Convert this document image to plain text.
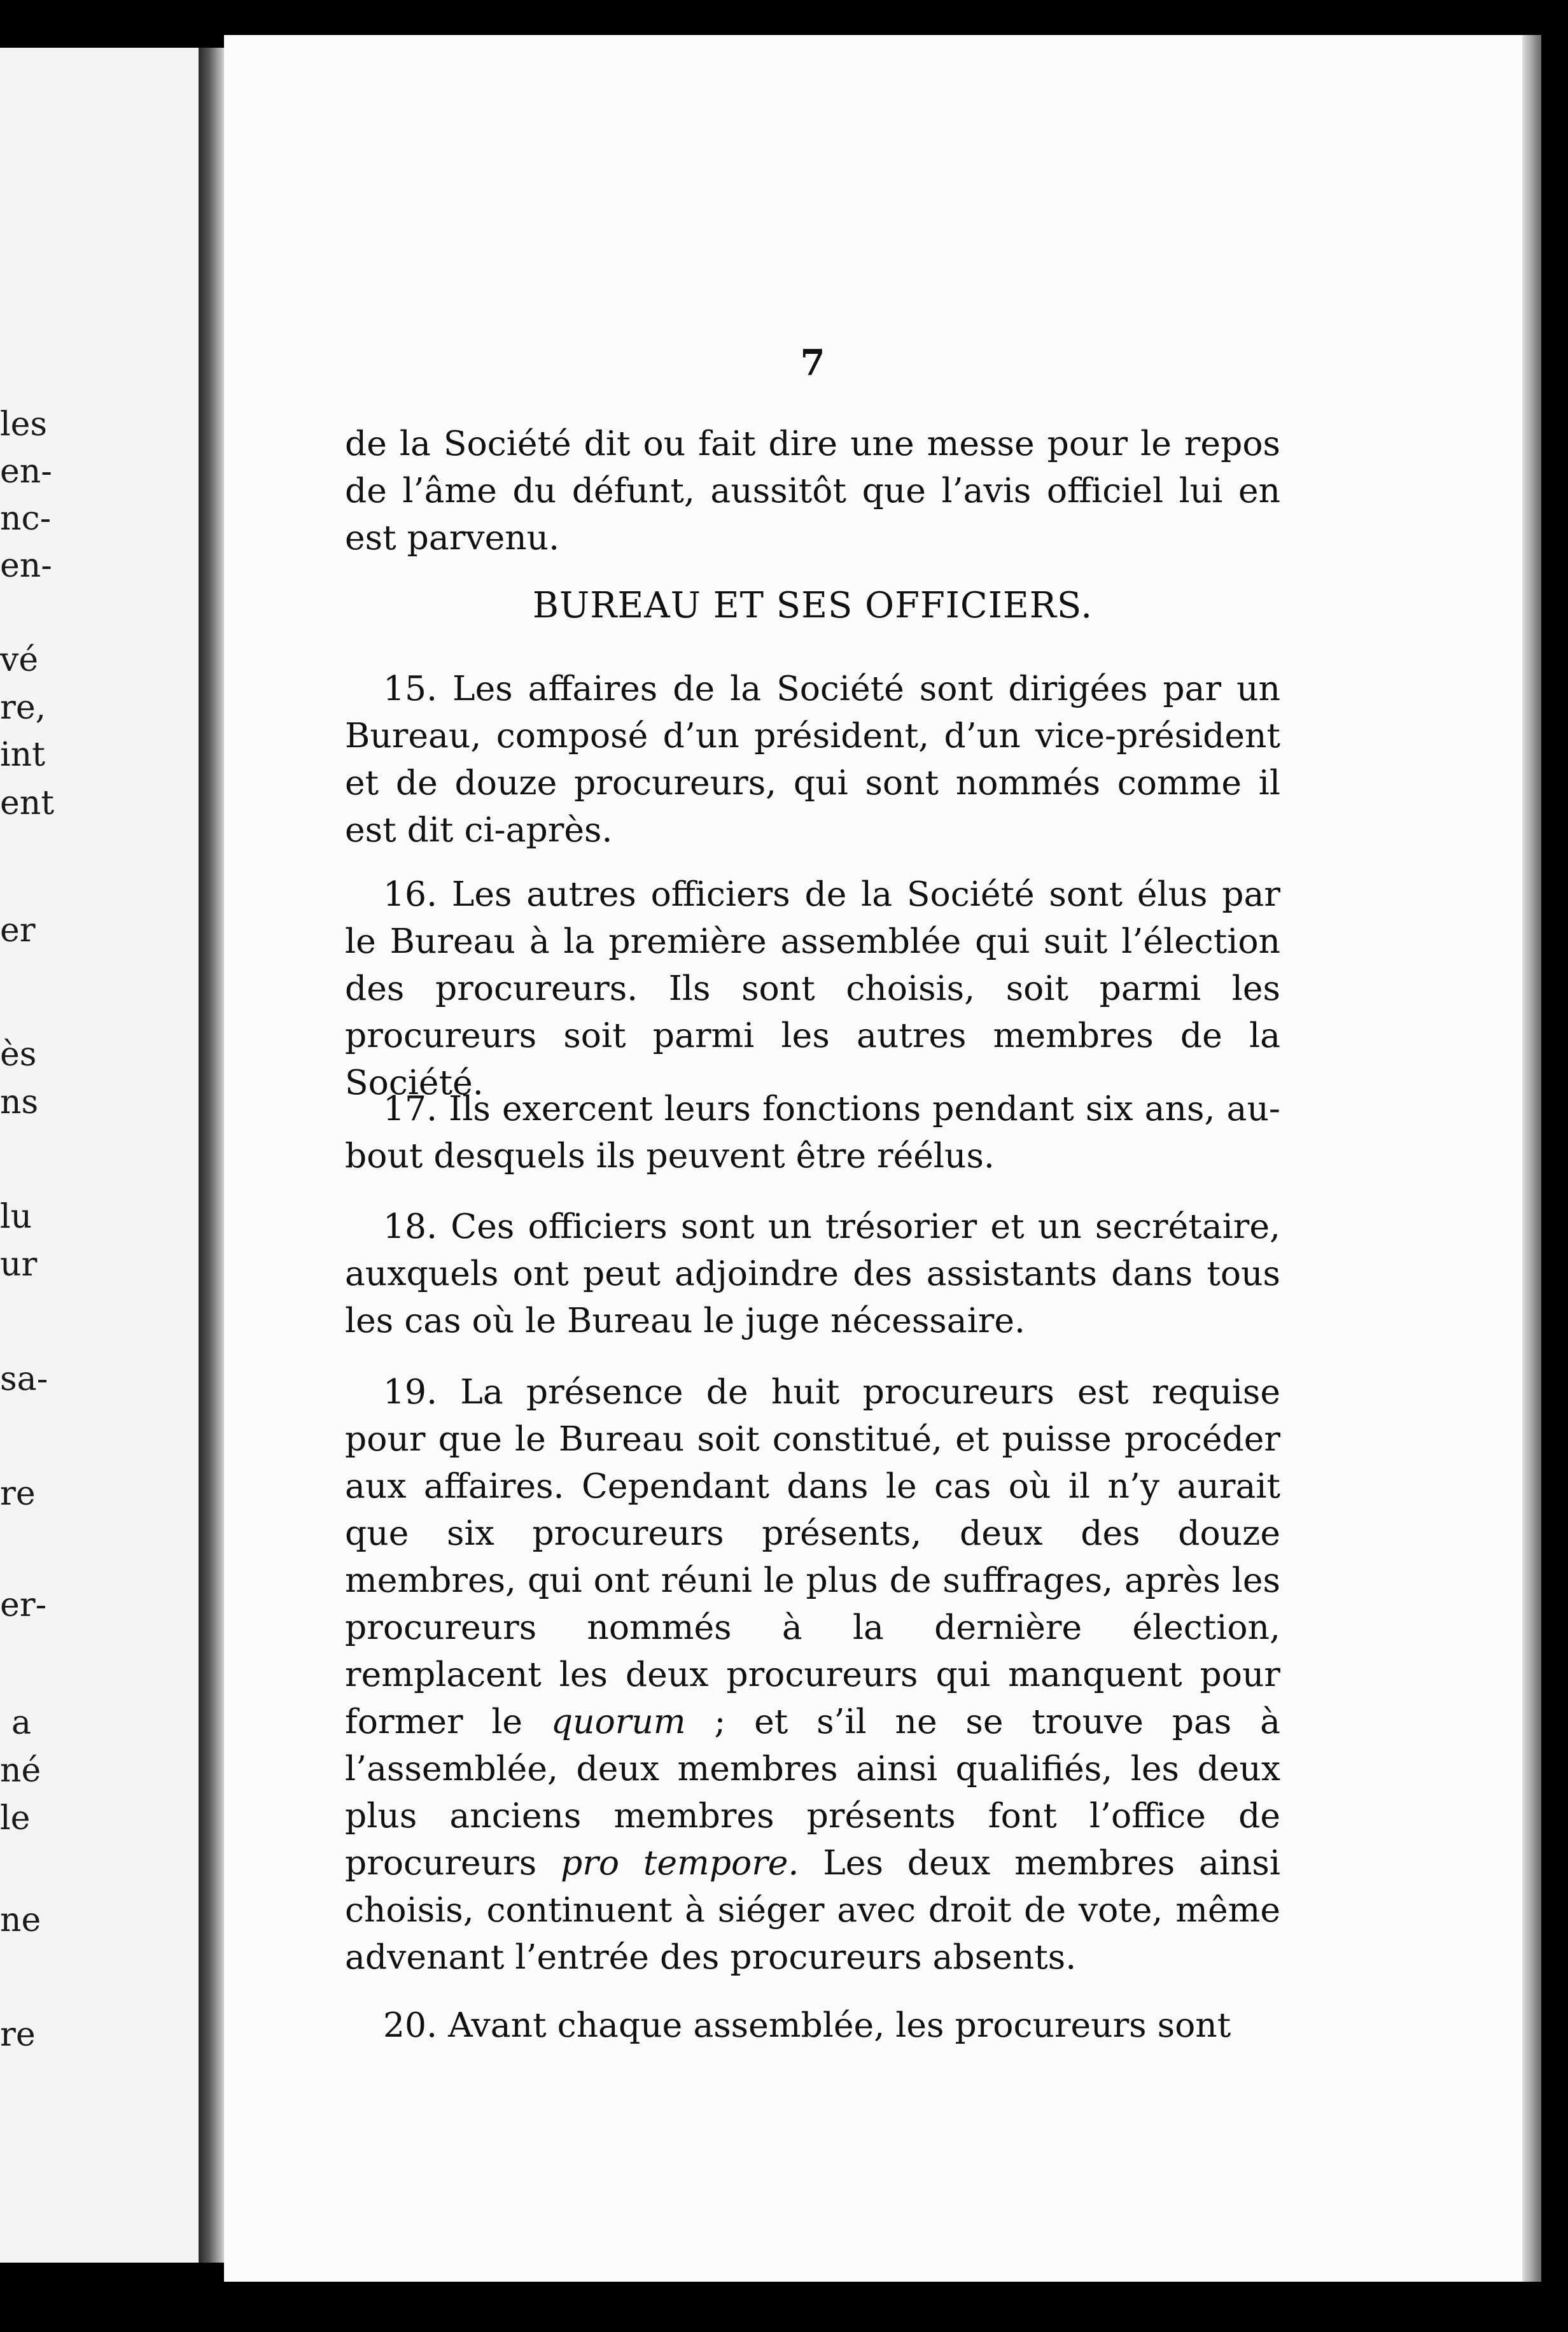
les

en-

nc-

en-

vé

re,

int

ent

er

ès

ns

lu

ur

sa-

re

er-

a

né

le

ne

re

7

de la Société dit ou fait dire une messe pour le repos de l’âme du défunt, aussitôt que l’avis officiel lui en est parvenu.

BUREAU ET SES OFFICIERS.

15. Les affaires de la Société sont dirigées par un Bureau, composé d’un président, d’un vice-président et de douze procureurs, qui sont nommés comme il est dit ci-après.

16. Les autres officiers de la Société sont élus par le Bureau à la première assemblée qui suit l’élection des procureurs. Ils sont choisis, soit parmi les procureurs soit parmi les autres membres de la Société.

17. Ils exercent leurs fonctions pendant six ans, au-bout desquels ils peuvent être réélus.

18. Ces officiers sont un trésorier et un secrétaire, auxquels ont peut adjoindre des assistants dans tous les cas où le Bureau le juge nécessaire.

19. La présence de huit procureurs est requise pour que le Bureau soit constitué, et puisse procéder aux affaires. Cependant dans le cas où il n’y aurait que six procureurs présents, deux des douze membres, qui ont réuni le plus de suffrages, après les procureurs nommés à la dernière élection, remplacent les deux procureurs qui manquent pour former le quorum ; et s’il ne se trouve pas à l’assemblée, deux membres ainsi qualifiés, les deux plus anciens membres présents font l’office de procureurs pro tempore. Les deux membres ainsi choisis, continuent à siéger avec droit de vote, même advenant l’entrée des procureurs absents.

20. Avant chaque assemblée, les procureurs sont
